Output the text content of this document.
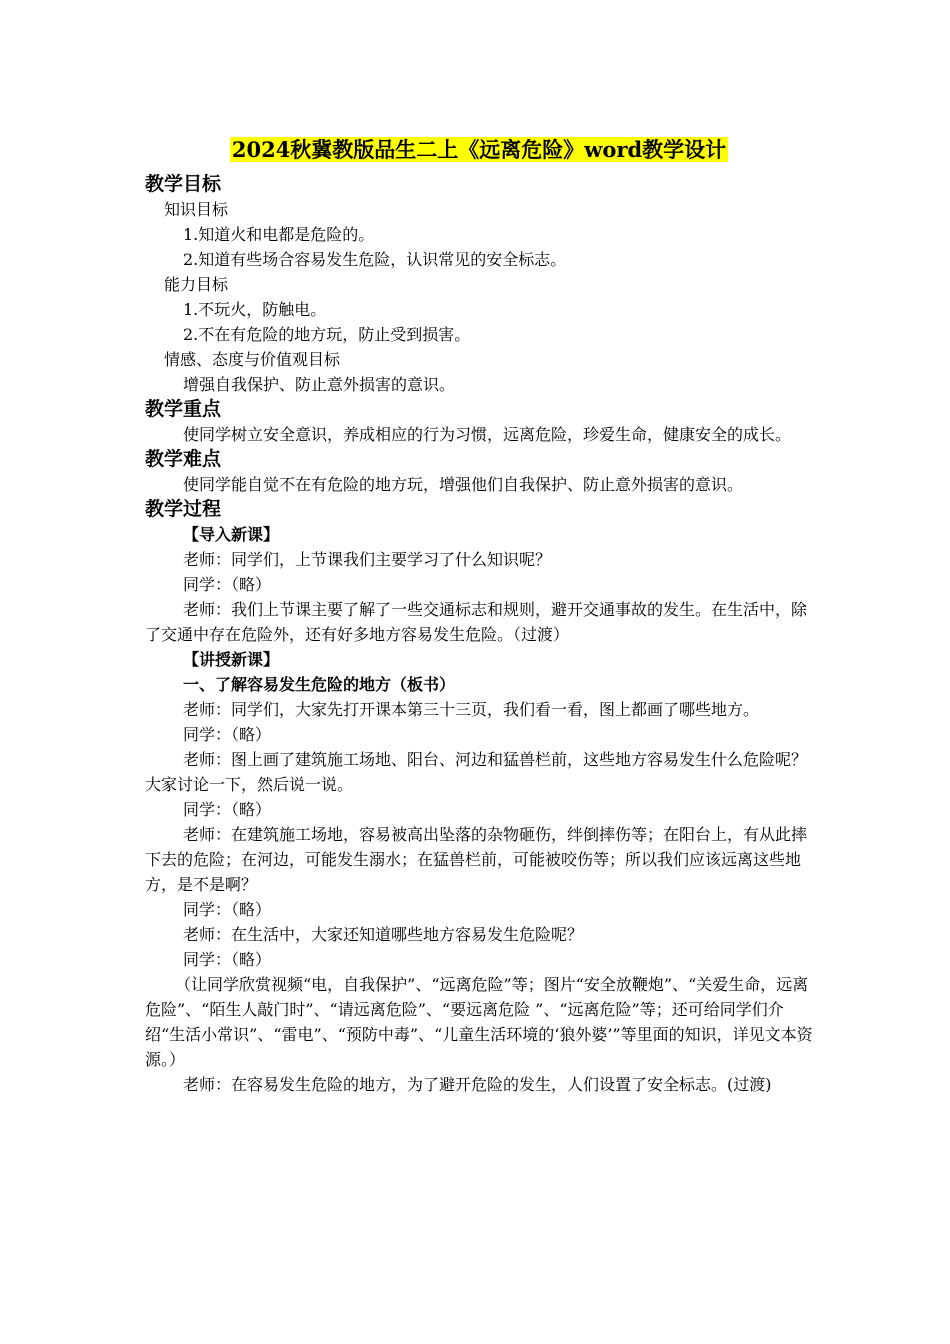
2024秋冀教版品生二上《远离危险》word教学设计
教学目标
知识目标
1.知道火和电都是危险的。
2.知道有些场合容易发生危险，认识常见的安全标志。
能力目标
1.不玩火，防触电。
2.不在有危险的地方玩，防止受到损害。
情感、态度与价值观目标
增强自我保护、防止意外损害的意识。
教学重点
使同学树立安全意识，养成相应的行为习惯，远离危险，珍爱生命，健康安全的成长。
教学难点
使同学能自觉不在有危险的地方玩，增强他们自我保护、防止意外损害的意识。
教学过程
【导入新课】
老师：同学们，上节课我们主要学习了什么知识呢？
同学：（略）
老师：我们上节课主要了解了一些交通标志和规则，避开交通事故的发生。在生活中，除了交通中存在危险外，还有好多地方容易发生危险。（过渡）
【讲授新课】
一、了解容易发生危险的地方（板书）
老师：同学们，大家先打开课本第三十三页，我们看一看，图上都画了哪些地方。
同学：（略）
老师：图上画了建筑施工场地、阳台、河边和猛兽栏前，这些地方容易发生什么危险呢？大家讨论一下，然后说一说。
同学：（略）
老师：在建筑施工场地，容易被高出坠落的杂物砸伤，绊倒摔伤等；在阳台上，有从此摔下去的危险；在河边，可能发生溺水；在猛兽栏前，可能被咬伤等；所以我们应该远离这些地方，是不是啊？
同学：（略）
老师：在生活中，大家还知道哪些地方容易发生危险呢？
同学：（略）
（让同学欣赏视频“电，自我保护”、“远离危险”等；图片“安全放鞭炮”、“关爱生命，远离危险”、“陌生人敲门时”、“请远离危险”、“要远离危险 ”、“远离危险”等；还可给同学们介绍“生活小常识”、“雷电”、“预防中毒”、“儿童生活环境的‘狼外婆’”等里面的知识，详见文本资源。）
老师：在容易发生危险的地方，为了避开危险的发生，人们设置了安全标志。(过渡)
